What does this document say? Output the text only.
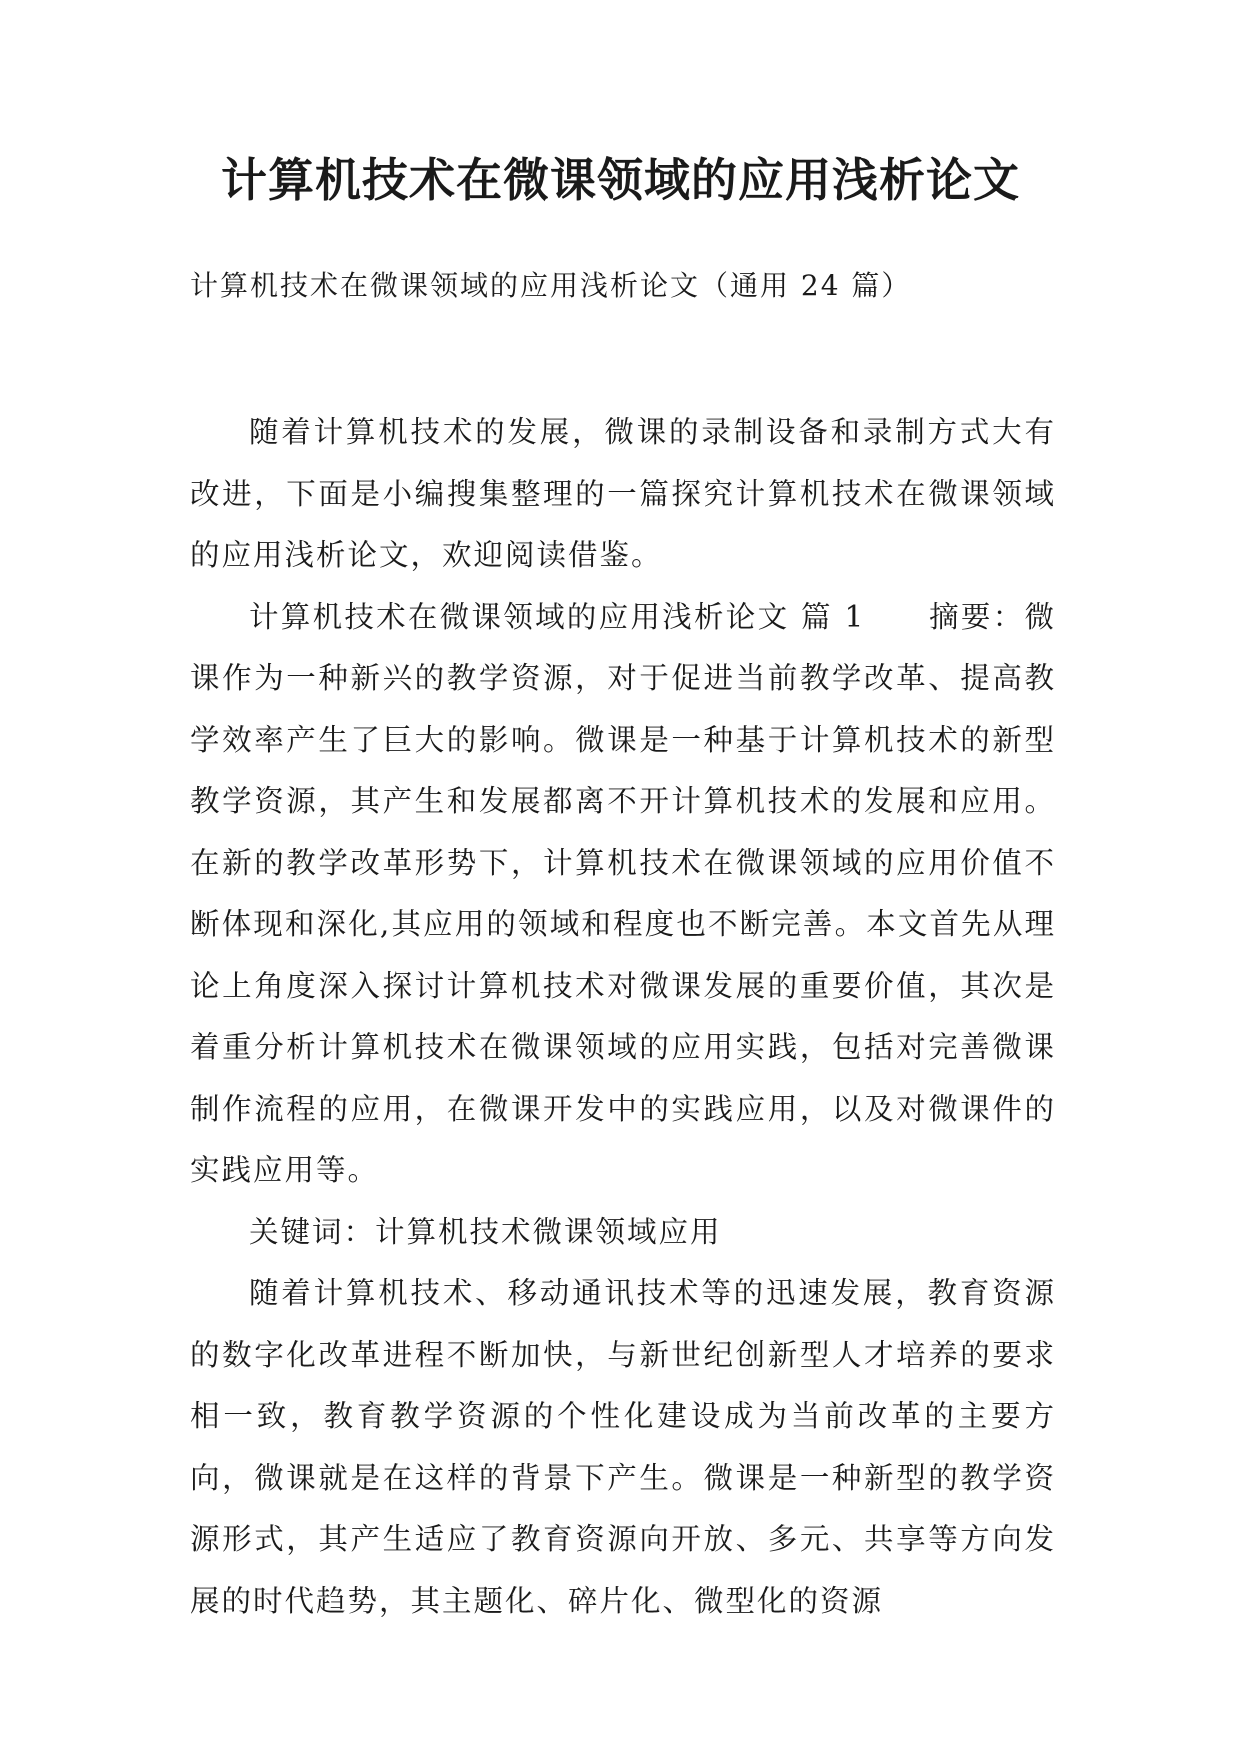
计算机技术在微课领域的应用浅析论文

计算机技术在微课领域的应用浅析论文（通用 24 篇）

随着计算机技术的发展，微课的录制设备和录制方式大有改进，下面是小编搜集整理的一篇探究计算机技术在微课领域的应用浅析论文，欢迎阅读借鉴。

计算机技术在微课领域的应用浅析论文 篇 1　　摘要：微课作为一种新兴的教学资源，对于促进当前教学改革、提高教学效率产生了巨大的影响。微课是一种基于计算机技术的新型教学资源，其产生和发展都离不开计算机技术的发展和应用。在新的教学改革形势下，计算机技术在微课领域的应用价值不断体现和深化,其应用的领域和程度也不断完善。本文首先从理论上角度深入探讨计算机技术对微课发展的重要价值，其次是着重分析计算机技术在微课领域的应用实践，包括对完善微课制作流程的应用，在微课开发中的实践应用，以及对微课件的实践应用等。

关键词：计算机技术微课领域应用

随着计算机技术、移动通讯技术等的迅速发展，教育资源的数字化改革进程不断加快，与新世纪创新型人才培养的要求相一致，教育教学资源的个性化建设成为当前改革的主要方向，微课就是在这样的背景下产生。微课是一种新型的教学资源形式，其产生适应了教育资源向开放、多元、共享等方向发展的时代趋势，其主题化、碎片化、微型化的资源
